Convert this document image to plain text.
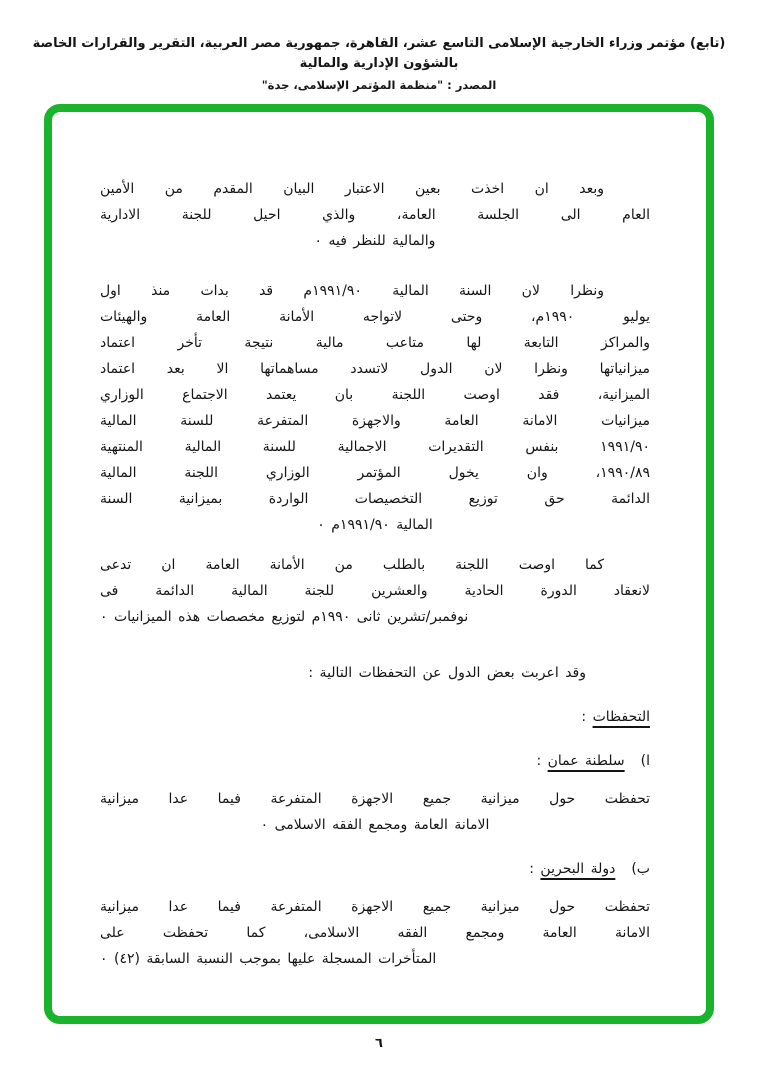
(تابع) مؤتمر وزراء الخارجية الإسلامى التاسع عشر، القاهرة، جمهورية مصر العربية، التقرير والقرارات الخاصة بالشؤون الإدارية والمالية
المصدر : "منظمة المؤتمر الإسلامى، جدة"
وبعد ان اخذت بعين الاعتبار البيان المقدم من الأمين
العام الى الجلسة العامة، والذي احيل للجنة الادارية
والمالية للنظر فيه ٠
ونظرا لان السنة المالية ١٩٩١/٩٠م قد بدات منذ اول
يوليو ١٩٩٠م، وحتى لاتواجه الأمانة العامة والهيئات
والمراكز التابعة لها متاعب مالية نتيجة تأخر اعتماد
ميزانياتها ونظرا لان الدول لاتسدد مساهماتها الا بعد اعتماد
الميزانية، فقد اوصت اللجنة بان يعتمد الاجتماع الوزاري
ميزانيات الامانة العامة والاجهزة المتفرعة للسنة المالية
١٩٩١/٩٠ بنفس التقديرات الاجمالية للسنة المالية المنتهية
١٩٩٠/٨٩، وان يخول المؤتمر الوزاري اللجنة المالية
الدائمة حق توزيع التخصيصات الواردة بميزانية السنة
المالية ١٩٩١/٩٠م ٠
كما اوصت اللجنة بالطلب من الأمانة العامة ان تدعى
لانعقاد الدورة الحادية والعشرين للجنة المالية الدائمة فى
نوفمبر/تشرين ثانى ١٩٩٠م لتوزيع مخصصات هذه الميزانيات ٠
وقد اعربت بعض الدول عن التحفظات التالية :
التحفظات :
ا)سلطنة عمان :
تحفظت حول ميزانية جميع الاجهزة المتفرعة فيما عدا ميزانية
الامانة العامة ومجمع الفقه الاسلامى ٠
ب)دولة البحرين :
تحفظت حول ميزانية جميع الاجهزة المتفرعة فيما عدا ميزانية
الامانة العامة ومجمع الفقه الاسلامى، كما تحفظت على
المتأخرات المسجلة عليها بموجب النسبة السابقة (٤٢) ٠
٦
